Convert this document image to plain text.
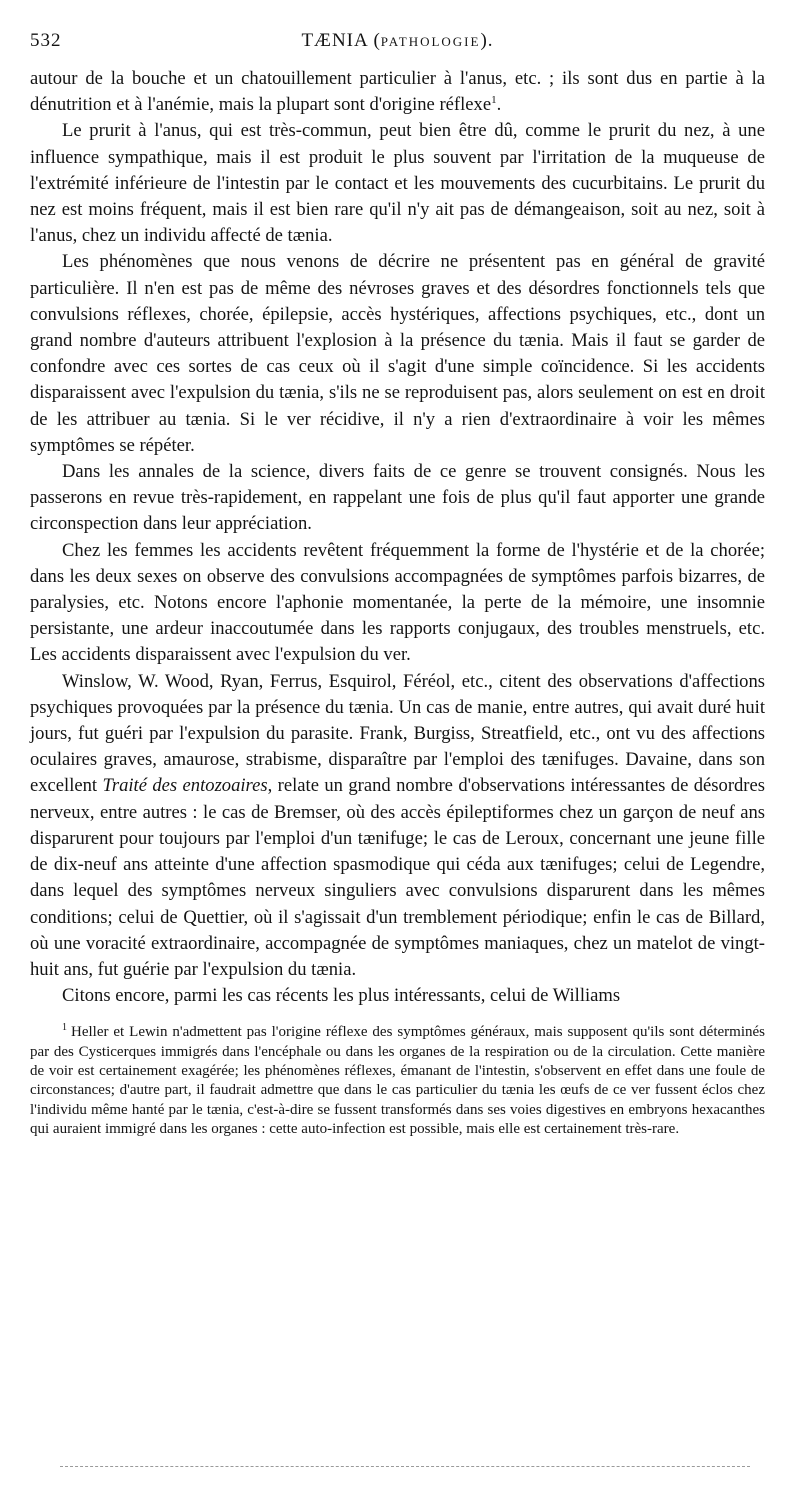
532	TÆNIA (PATHOLOGIE).

autour de la bouche et un chatouillement particulier à l'anus, etc. ; ils sont dus en partie à la dénutrition et à l'anémie, mais la plupart sont d'origine réflexe$^1$.

Le prurit à l'anus, qui est très-commun, peut bien être dû, comme le prurit du nez, à une influence sympathique, mais il est produit le plus souvent par l'irritation de la muqueuse de l'extrémité inférieure de l'intestin par le contact et les mouvements des cucurbitains. Le prurit du nez est moins fréquent, mais il est bien rare qu'il n'y ait pas de démangeaison, soit au nez, soit à l'anus, chez un individu affecté de tænia.

Les phénomènes que nous venons de décrire ne présentent pas en général de gravité particulière. Il n'en est pas de même des névroses graves et des désordres fonctionnels tels que convulsions réflexes, chorée, épilepsie, accès hystériques, affections psychiques, etc., dont un grand nombre d'auteurs attribuent l'explosion à la présence du tænia. Mais il faut se garder de confondre avec ces sortes de cas ceux où il s'agit d'une simple coïncidence. Si les accidents disparaissent avec l'expulsion du tænia, s'ils ne se reproduisent pas, alors seulement on est en droit de les attribuer au tænia. Si le ver récidive, il n'y a rien d'extraordinaire à voir les mêmes symptômes se répéter.

Dans les annales de la science, divers faits de ce genre se trouvent consignés. Nous les passerons en revue très-rapidement, en rappelant une fois de plus qu'il faut apporter une grande circonspection dans leur appréciation.

Chez les femmes les accidents revêtent fréquemment la forme de l'hystérie et de la chorée; dans les deux sexes on observe des convulsions accompagnées de symptômes parfois bizarres, de paralysies, etc. Notons encore l'aphonie momentanée, la perte de la mémoire, une insomnie persistante, une ardeur inaccoutumée dans les rapports conjugaux, des troubles menstruels, etc. Les accidents disparaissent avec l'expulsion du ver.

Winslow, W. Wood, Ryan, Ferrus, Esquirol, Féréol, etc., citent des observations d'affections psychiques provoquées par la présence du tænia. Un cas de manie, entre autres, qui avait duré huit jours, fut guéri par l'expulsion du parasite. Frank, Burgiss, Streatfield, etc., ont vu des affections oculaires graves, amaurose, strabisme, disparaître par l'emploi des tænifuges. Davaine, dans son excellent Traité des entozoaires, relate un grand nombre d'observations intéressantes de désordres nerveux, entre autres : le cas de Bremser, où des accès épileptiformes chez un garçon de neuf ans disparurent pour toujours par l'emploi d'un tænifuge; le cas de Leroux, concernant une jeune fille de dix-neuf ans atteinte d'une affection spasmodique qui céda aux tænifuges; celui de Legendre, dans lequel des symptômes nerveux singuliers avec convulsions disparurent dans les mêmes conditions; celui de Quettier, où il s'agissait d'un tremblement périodique; enfin le cas de Billard, où une voracité extraordinaire, accompagnée de symptômes maniaques, chez un matelot de vingt-huit ans, fut guérie par l'expulsion du tænia.

Citons encore, parmi les cas récents les plus intéressants, celui de Williams

$^1$ Heller et Lewin n'admettent pas l'origine réflexe des symptômes généraux, mais supposent qu'ils sont déterminés par des Cysticerques immigrés dans l'encéphale ou dans les organes de la respiration ou de la circulation. Cette manière de voir est certainement exagérée; les phénomènes réflexes, émanant de l'intestin, s'observent en effet dans une foule de circonstances; d'autre part, il faudrait admettre que dans le cas particulier du tænia les œufs de ce ver fussent éclos chez l'individu même hanté par le tænia, c'est-à-dire se fussent transformés dans ses voies digestives en embryons hexacanthes qui auraient immigré dans les organes : cette auto-infection est possible, mais elle est certainement très-rare.
